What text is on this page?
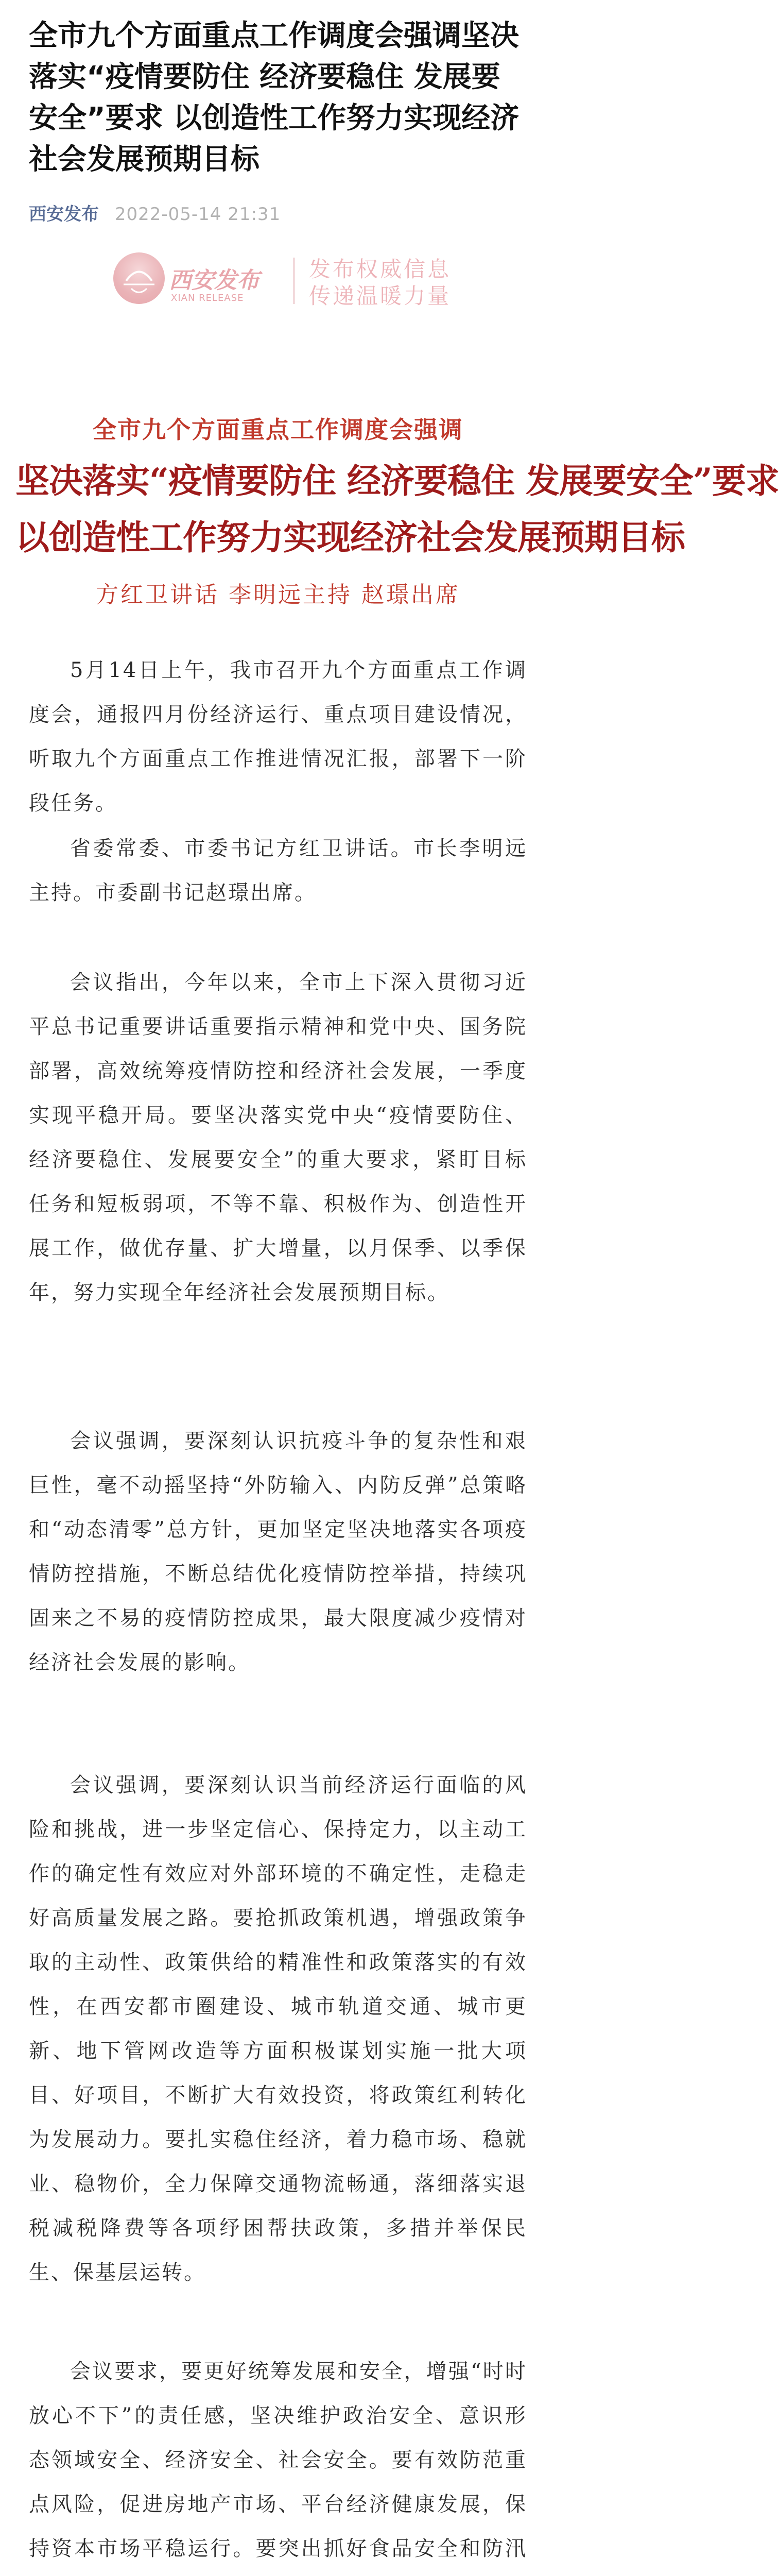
全市九个方面重点工作调度会强调坚决落实“疫情要防住 经济要稳住 发展要安全”要求 以创造性工作努力实现经济社会发展预期目标
西安发布 2022-05-14 21:31
西安发布
XIAN RELEASE
发布权威信息
传递温暖力量
全市九个方面重点工作调度会强调
坚决落实“疫情要防住 经济要稳住 发展要安全”要求
以创造性工作努力实现经济社会发展预期目标
方红卫讲话 李明远主持 赵璟出席

5月14日上午，我市召开九个方面重点工作调度会，通报四月份经济运行、重点项目建设情况，听取九个方面重点工作推进情况汇报，部署下一阶段任务。

省委常委、市委书记方红卫讲话。市长李明远主持。市委副书记赵璟出席。

会议指出，今年以来，全市上下深入贯彻习近平总书记重要讲话重要指示精神和党中央、国务院部署，高效统筹疫情防控和经济社会发展，一季度实现平稳开局。要坚决落实党中央“疫情要防住、经济要稳住、发展要安全”的重大要求，紧盯目标任务和短板弱项，不等不靠、积极作为、创造性开展工作，做优存量、扩大增量，以月保季、以季保年，努力实现全年经济社会发展预期目标。

会议强调，要深刻认识抗疫斗争的复杂性和艰巨性，毫不动摇坚持“外防输入、内防反弹”总策略和“动态清零”总方针，更加坚定坚决地落实各项疫情防控措施，不断总结优化疫情防控举措，持续巩固来之不易的疫情防控成果，最大限度减少疫情对经济社会发展的影响。

会议强调，要深刻认识当前经济运行面临的风险和挑战，进一步坚定信心、保持定力，以主动工作的确定性有效应对外部环境的不确定性，走稳走好高质量发展之路。要抢抓政策机遇，增强政策争取的主动性、政策供给的精准性和政策落实的有效性，在西安都市圈建设、城市轨道交通、城市更新、地下管网改造等方面积极谋划实施一批大项目、好项目，不断扩大有效投资，将政策红利转化为发展动力。要扎实稳住经济，着力稳市场、稳就业、稳物价，全力保障交通物流畅通，落细落实退税减税降费等各项纾困帮扶政策，多措并举保民生、保基层运转。

会议要求，要更好统筹发展和安全，增强“时时放心不下”的责任感，坚决维护政治安全、意识形态领域安全、经济安全、社会安全。要有效防范重点风险，促进房地产市场、平台经济健康发展，保持资本市场平稳运行。要突出抓好食品安全和防汛
